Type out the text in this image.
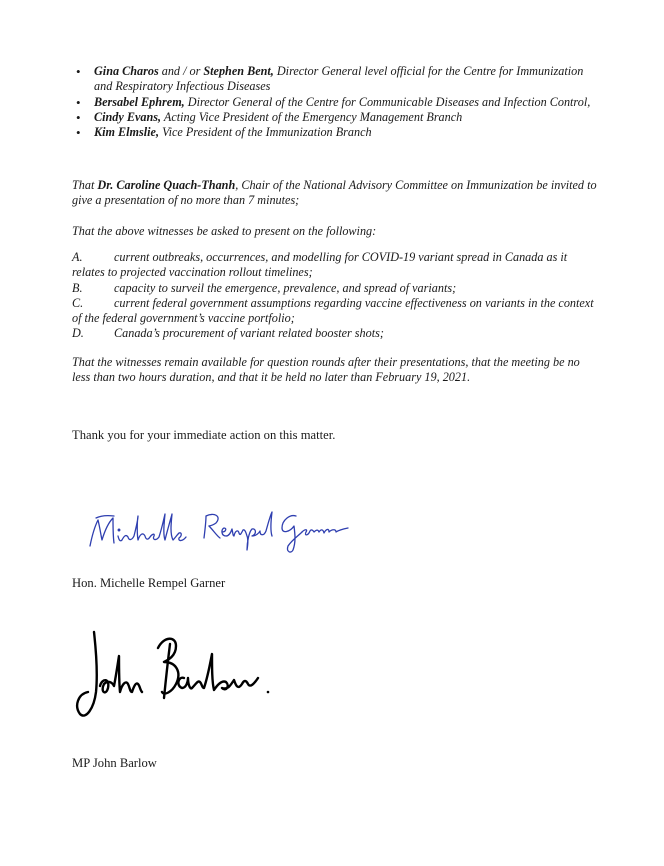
• Gina Charos and / or Stephen Bent, Director General level official for the Centre for Immunization and Respiratory Infectious Diseases
• Bersabel Ephrem, Director General of the Centre for Communicable Diseases and Infection Control,
• Cindy Evans, Acting Vice President of the Emergency Management Branch
• Kim Elmslie, Vice President of the Immunization Branch

That Dr. Caroline Quach-Thanh, Chair of the National Advisory Committee on Immunization be invited to give a presentation of no more than 7 minutes;

That the above witnesses be asked to present on the following:

A.	current outbreaks, occurrences, and modelling for COVID-19 variant spread in Canada as it relates to projected vaccination rollout timelines;
B.	capacity to surveil the emergence, prevalence, and spread of variants;
C.	current federal government assumptions regarding vaccine effectiveness on variants in the context of the federal government’s vaccine portfolio;
D. Canada’s procurement of variant related booster shots;

That the witnesses remain available for question rounds after their presentations, that the meeting be no less than two hours duration, and that it be held no later than February 19, 2021.

Thank you for your immediate action on this matter.

Hon. Michelle Rempel Garner

MP John Barlow
